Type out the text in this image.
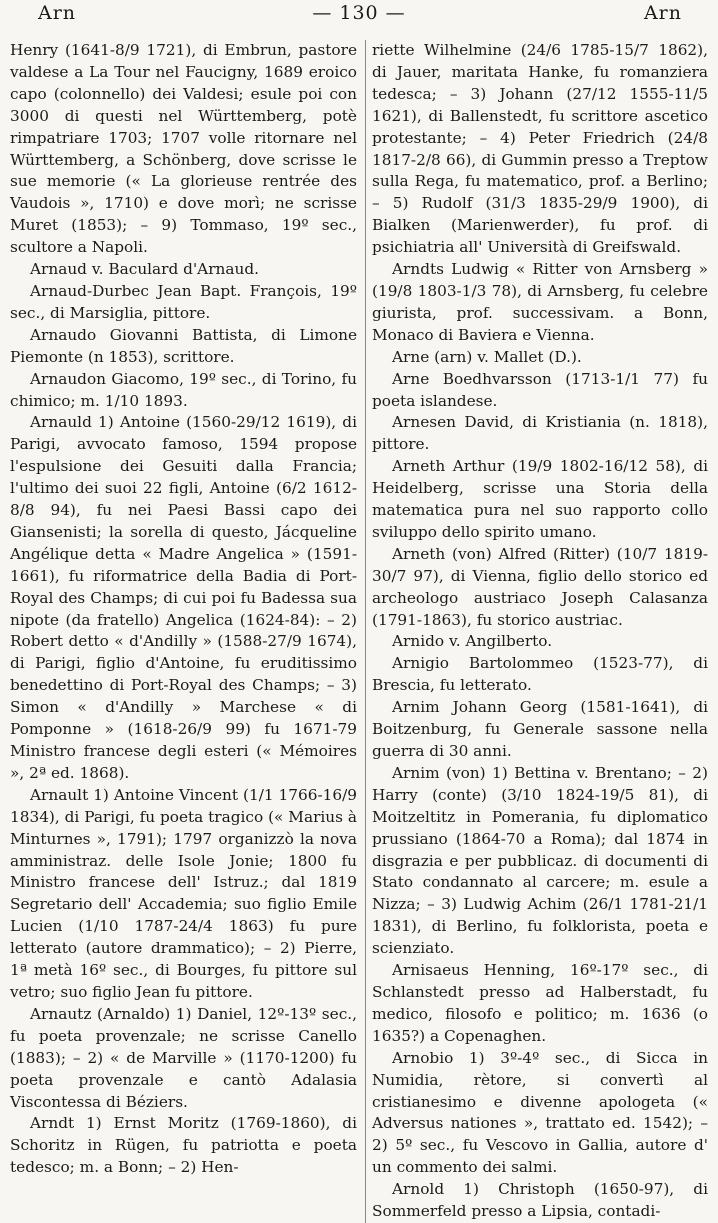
Arn	— 130 —	Arn

Henry (1641-8/9 1721), di Embrun, pastore valdese a La Tour nel Faucigny, 1689 eroico capo (colonnello) dei Valdesi; esule poi con 3000 di questi nel Württemberg, potè rimpatriare 1703; 1707 volle ritornare nel Württemberg, a Schönberg, dove scrisse le sue memorie (« La glorieuse rentrée des Vaudois », 1710) e dove morì; ne scrisse Muret (1853); – 9) Tommaso, 19º sec., scultore a Napoli.

Arnaud v. Baculard d'Arnaud.

Arnaud-Durbec Jean Bapt. François, 19º sec., di Marsiglia, pittore.

Arnaudo Giovanni Battista, di Limone Piemonte (n 1853), scrittore.

Arnaudon Giacomo, 19º sec., di Torino, fu chimico; m. 1/10 1893.

Arnauld 1) Antoine (1560-29/12 1619), di Parigi, avvocato famoso, 1594 propose l'espulsione dei Gesuiti dalla Francia; l'ultimo dei suoi 22 figli, Antoine (6/2 1612-8/8 94), fu nei Paesi Bassi capo dei Giansenisti; la sorella di questo, Jácqueline Angélique detta « Madre Angelica » (1591-1661), fu riformatrice della Badia di Port-Royal des Champs; di cui poi fu Badessa sua nipote (da fratello) Angelica (1624-84): – 2) Robert detto « d'Andilly » (1588-27/9 1674), di Parigi, figlio d'Antoine, fu eruditissimo benedettino di Port-Royal des Champs; – 3) Simon « d'Andilly » Marchese « di Pomponne » (1618-26/9 99) fu 1671-79 Ministro francese degli esteri (« Mémoires », 2ª ed. 1868).

Arnault 1) Antoine Vincent (1/1 1766-16/9 1834), di Parigi, fu poeta tragico (« Marius à Minturnes », 1791); 1797 organizzò la nova amministraz. delle Isole Jonie; 1800 fu Ministro francese dell' Istruz.; dal 1819 Segretario dell' Accademia; suo figlio Emile Lucien (1/10 1787-24/4 1863) fu pure letterato (autore drammatico); – 2) Pierre, 1ª metà 16º sec., di Bourges, fu pittore sul vetro; suo figlio Jean fu pittore.

Arnautz (Arnaldo) 1) Daniel, 12º-13º sec., fu poeta provenzale; ne scrisse Canello (1883); – 2) « de Marville » (1170-1200) fu poeta provenzale e cantò Adalasia Viscontessa di Béziers.

Arndt 1) Ernst Moritz (1769-1860), di Schoritz in Rügen, fu patriotta e poeta tedesco; m. a Bonn; – 2) Hen-

riette Wilhelmine (24/6 1785-15/7 1862), di Jauer, maritata Hanke, fu romanziera tedesca; – 3) Johann (27/12 1555-11/5 1621), di Ballenstedt, fu scrittore ascetico protestante; – 4) Peter Friedrich (24/8 1817-2/8 66), di Gummin presso a Treptow sulla Rega, fu matematico, prof. a Berlino; – 5) Rudolf (31/3 1835-29/9 1900), di Bialken (Marienwerder), fu prof. di psichiatria all' Università di Greifswald.

Arndts Ludwig « Ritter von Arnsberg » (19/8 1803-1/3 78), di Arnsberg, fu celebre giurista, prof. successivam. a Bonn, Monaco di Baviera e Vienna.

Arne (arn) v. Mallet (D.).

Arne Boedhvarsson (1713-1/1 77) fu poeta islandese.

Arnesen David, di Kristiania (n. 1818), pittore.

Arneth Arthur (19/9 1802-16/12 58), di Heidelberg, scrisse una Storia della matematica pura nel suo rapporto collo sviluppo dello spirito umano.

Arneth (von) Alfred (Ritter) (10/7 1819-30/7 97), di Vienna, figlio dello storico ed archeologo austriaco Joseph Calasanza (1791-1863), fu storico austriac.

Arnido v. Angilberto.

Arnigio Bartolommeo (1523-77), di Brescia, fu letterato.

Arnim Johann Georg (1581-1641), di Boitzenburg, fu Generale sassone nella guerra di 30 anni.

Arnim (von) 1) Bettina v. Brentano; – 2) Harry (conte) (3/10 1824-19/5 81), di Moitzeltitz in Pomerania, fu diplomatico prussiano (1864-70 a Roma); dal 1874 in disgrazia e per pubblicaz. di documenti di Stato condannato al carcere; m. esule a Nizza; – 3) Ludwig Achim (26/1 1781-21/1 1831), di Berlino, fu folklorista, poeta e scienziato.

Arnisaeus Henning, 16º-17º sec., di Schlanstedt presso ad Halberstadt, fu medico, filosofo e politico; m. 1636 (o 1635?) a Copenaghen.

Arnobio 1) 3º-4º sec., di Sicca in Numidia, rètore, si convertì al cristianesimo e divenne apologeta (« Adversus nationes », trattato ed. 1542); – 2) 5º sec., fu Vescovo in Gallia, autore d' un commento dei salmi.

Arnold 1) Christoph (1650-97), di Sommerfeld presso a Lipsia, contadi-
